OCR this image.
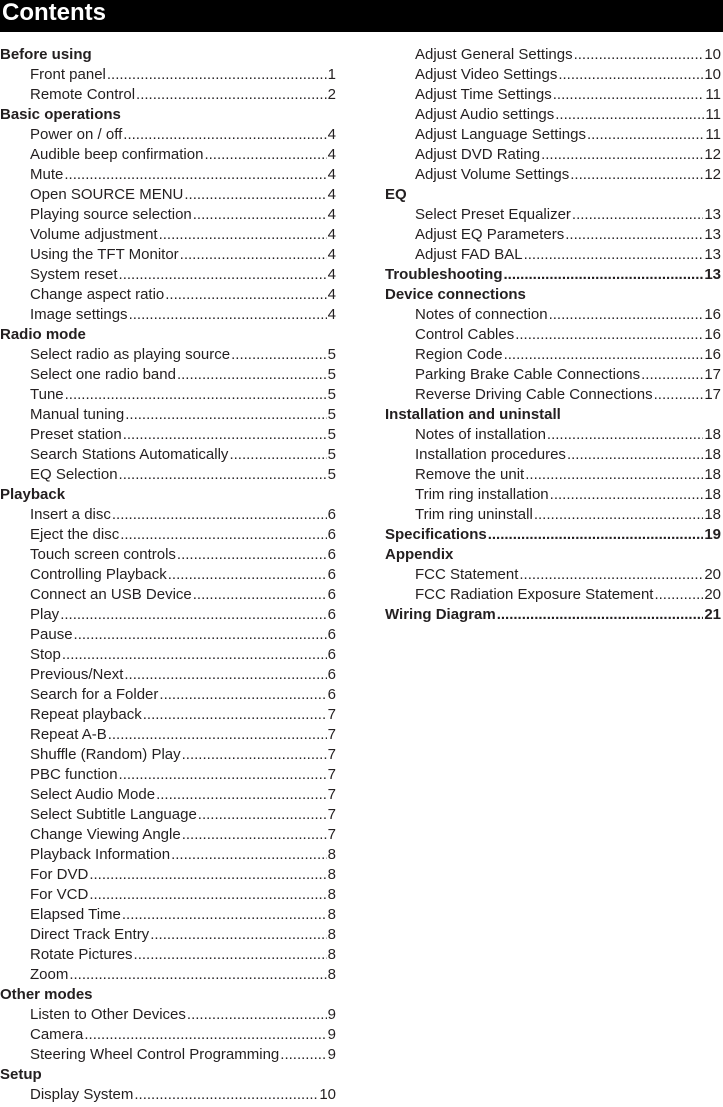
Contents
Before using
Front panel .....	1
Remote Control .....	2
Basic operations
Power on / off .....	4
Audible beep confirmation .....	4
Mute .....	4
Open SOURCE MENU .....	4
Playing source selection .....	4
Volume adjustment .....	4
Using the TFT Monitor .....	4
System reset .....	4
Change aspect ratio .....	4
Image settings .....	4
Radio mode
Select radio as playing source .....	5
Select one radio band .....	5
Tune .....	5
Manual tuning .....	5
Preset station .....	5
Search Stations Automatically .....	5
EQ Selection .....	5
Playback
Insert a disc .....	6
Eject the disc .....	6
Touch screen controls .....	6
Controlling Playback .....	6
Connect an USB Device .....	6
Play .....	6
Pause .....	6
Stop .....	6
Previous/Next .....	6
Search for a Folder .....	6
Repeat playback .....	7
Repeat A-B .....	7
Shuffle (Random) Play .....	7
PBC function .....	7
Select Audio Mode .....	7
Select Subtitle Language .....	7
Change Viewing Angle .....	7
Playback Information .....	8
For DVD .....	8
For VCD .....	8
Elapsed Time .....	8
Direct Track Entry .....	8
Rotate Pictures .....	8
Zoom .....	8
Other modes
Listen to Other Devices .....	9
Camera .....	9
Steering Wheel Control Programming .....	9
Setup
Display System .....	10
Adjust General Settings .....	10
Adjust Video Settings .....	10
Adjust Time Settings .....	11
Adjust Audio settings .....	11
Adjust Language Settings .....	11
Adjust DVD Rating .....	12
Adjust Volume Settings .....	12
EQ
Select Preset Equalizer .....	13
Adjust EQ Parameters .....	13
Adjust FAD BAL .....	13
Troubleshooting .....	13
Device connections
Notes of connection .....	16
Control Cables .....	16
Region Code .....	16
Parking Brake Cable Connections .....	17
Reverse Driving Cable Connections .....	17
Installation and uninstall
Notes of installation .....	18
Installation procedures .....	18
Remove the unit .....	18
Trim ring installation .....	18
Trim ring uninstall .....	18
Specifications .....	19
Appendix
FCC Statement .....	20
FCC Radiation Exposure Statement .....	20
Wiring Diagram .....	21
